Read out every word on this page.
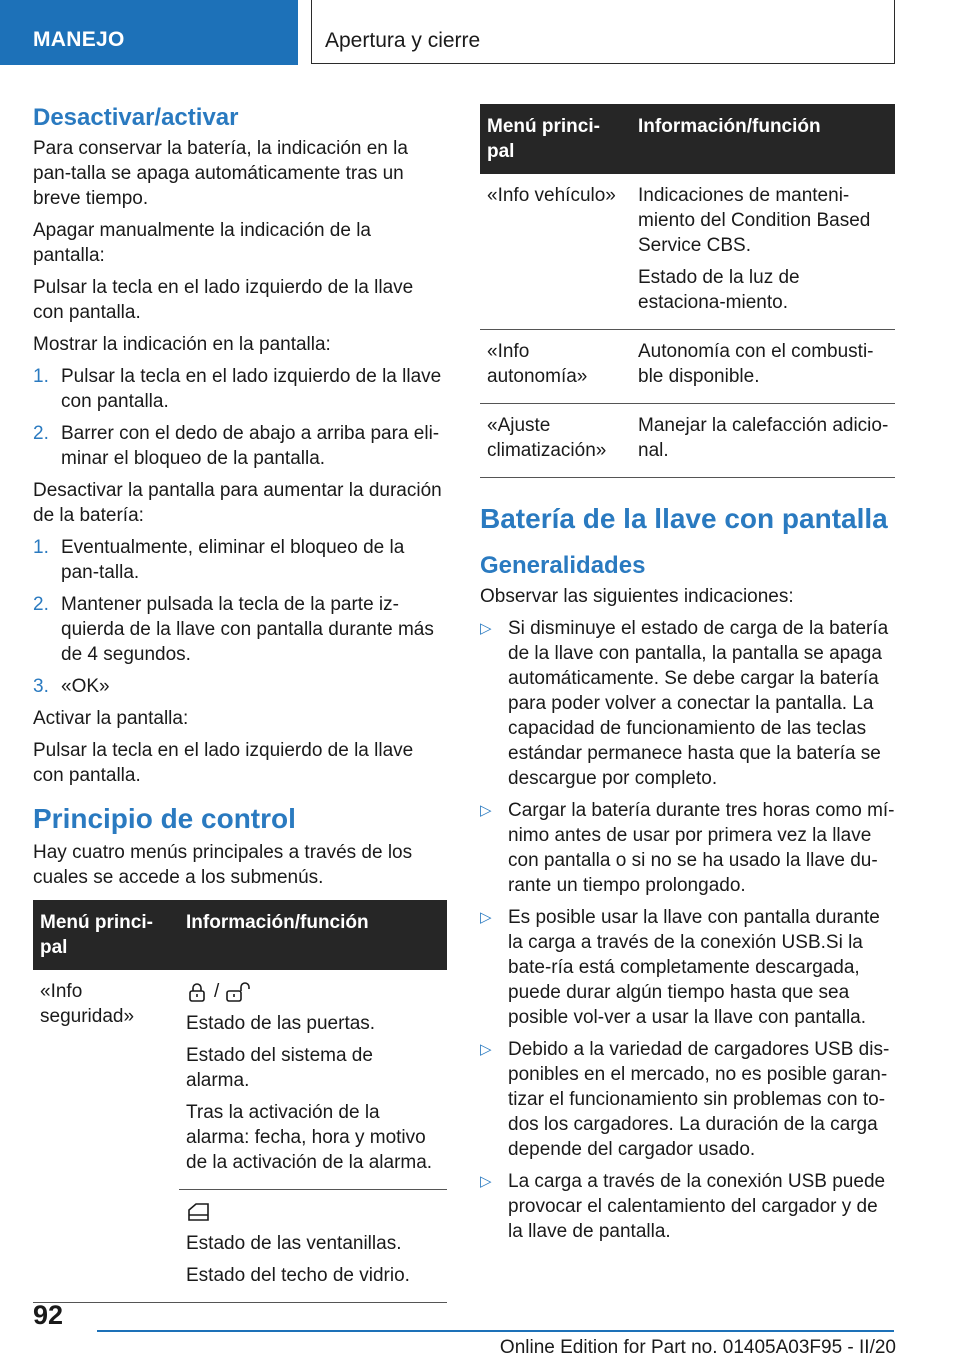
MANEJO	Apertura y cierre
Desactivar/activar

Para conservar la batería, la indicación en la pan-talla se apaga automáticamente tras un breve tiempo.

Apagar manualmente la indicación de la pantalla:

Pulsar la tecla en el lado izquierdo de la llave con pantalla.

Mostrar la indicación en la pantalla:

1. Pulsar la tecla en el lado izquierdo de la llave con pantalla.
2. Barrer con el dedo de abajo a arriba para eli-minar el bloqueo de la pantalla.

Desactivar la pantalla para aumentar la duración de la batería:

1. Eventualmente, eliminar el bloqueo de la pan-talla.
2. Mantener pulsada la tecla de la parte iz-quierda de la llave con pantalla durante más de 4 segundos.
3. «OK»

Activar la pantalla:

Pulsar la tecla en el lado izquierdo de la llave con pantalla.

Principio de control

Hay cuatro menús principales a través de los cuales se accede a los submenús.

Menú princi-pal	Información/función
«Info seguridad»	/

Estado de las puertas.

Estado del sistema de alarma.

Tras la activación de la alarma: fecha, hora y motivo de la activación de la alarma.

	Estado de las ventanillas.

Estado del techo de vidrio.

Menú princi-pal	Información/función
«Info vehículo»	Indicaciones de manteni-miento del Condition Based Service CBS.

Estado de la luz de estaciona-miento.

«Info autonomía»	Autonomía con el combusti-ble disponible.

«Ajuste climatización»	Manejar la calefacción adicio-nal.

Batería de la llave con pantalla
Generalidades

Observar las siguientes indicaciones:

▷ Si disminuye el estado de carga de la batería de la llave con pantalla, la pantalla se apaga automáticamente. Se debe cargar la batería para poder volver a conectar la pantalla. La capacidad de funcionamiento de las teclas estándar permanece hasta que la batería se descargue por completo.
▷ Cargar la batería durante tres horas como mí-nimo antes de usar por primera vez la llave con pantalla o si no se ha usado la llave du-rante un tiempo prolongado.
▷ Es posible usar la llave con pantalla durante la carga a través de la conexión USB.Si la bate-ría está completamente descargada, puede durar algún tiempo hasta que sea posible vol-ver a usar la llave con pantalla.
▷ Debido a la variedad de cargadores USB dis-ponibles en el mercado, no es posible garan-tizar el funcionamiento sin problemas con to-dos los cargadores. La duración de la carga depende del cargador usado.
▷ La carga a través de la conexión USB puede provocar el calentamiento del cargador y de la llave de pantalla.
92
Online Edition for Part no. 01405A03F95 - II/20
